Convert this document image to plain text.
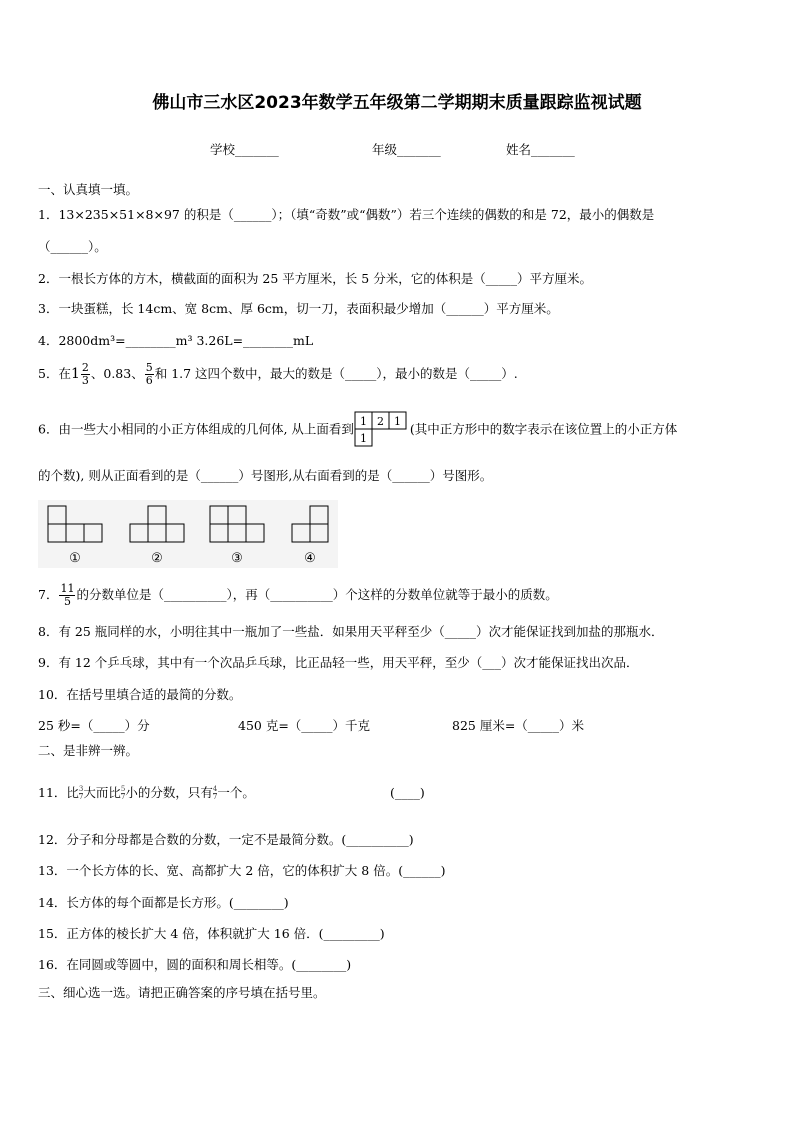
佛山市三水区2023年数学五年级第二学期期末质量跟踪监视试题
学校_______	年级_______	姓名_______
一、认真填一填。
1．13×235×51×8×97 的积是（______）；（填“奇数”或“偶数”）若三个连续的偶数的和是 72，最小的偶数是
（______）。
2．一根长方体的方木，横截面的面积为 25 平方厘米，长 5 分米，它的体积是（_____）平方厘米。
3．一块蛋糕，长 14cm、宽 8cm、厚 6cm，切一刀，表面积最少增加（______）平方厘米。
4．2800dm³=________m³ 3.26L=________mL
5．在$1 \frac{2}{3}$ 、0.83、 $\frac{5}{6}$ 和 1.7 这四个数中，最大的数是（_____），最小的数是（_____）.
6．由一些大小相同的小正方体组成的几何体, 从上面看到 1 2 1
1
(其中正方形中的数字表示在该位置上的小正方体
的个数), 则从正面看到的是（______）号图形,从右面看到的是（______）号图形。
①	②	③	④
7． $\frac{11}{5}$ 的分数单位是（__________），再（__________）个这样的分数单位就等于最小的质数。
8．有 25 瓶同样的水，小明往其中一瓶加了一些盐．如果用天平秤至少（_____）次才能保证找到加盐的那瓶水．
9．有 12 个乒乓球，其中有一个次品乒乓球，比正品轻一些，用天平秤，至少（___）次才能保证找出次品．
10．在括号里填合适的最简的分数。
25 秒=（_____）分	450 克=（_____）千克	825 厘米=（_____）米
二、是非辨一辨。
11．比 $\frac{3}{7}$大而比 $\frac{5}{7}$小的分数，只有 $\frac{4}{7}$一个。	(____)
12．分子和分母都是合数的分数，一定不是最简分数。(__________)
13．一个长方体的长、宽、高都扩大 2 倍，它的体积扩大 8 倍。(______)
14．长方体的每个面都是长方形。(________)
15．正方体的棱长扩大 4 倍，体积就扩大 16 倍．(_________)
16．在同圆或等圆中，圆的面积和周长相等。(________)
三、细心选一选。请把正确答案的序号填在括号里。
